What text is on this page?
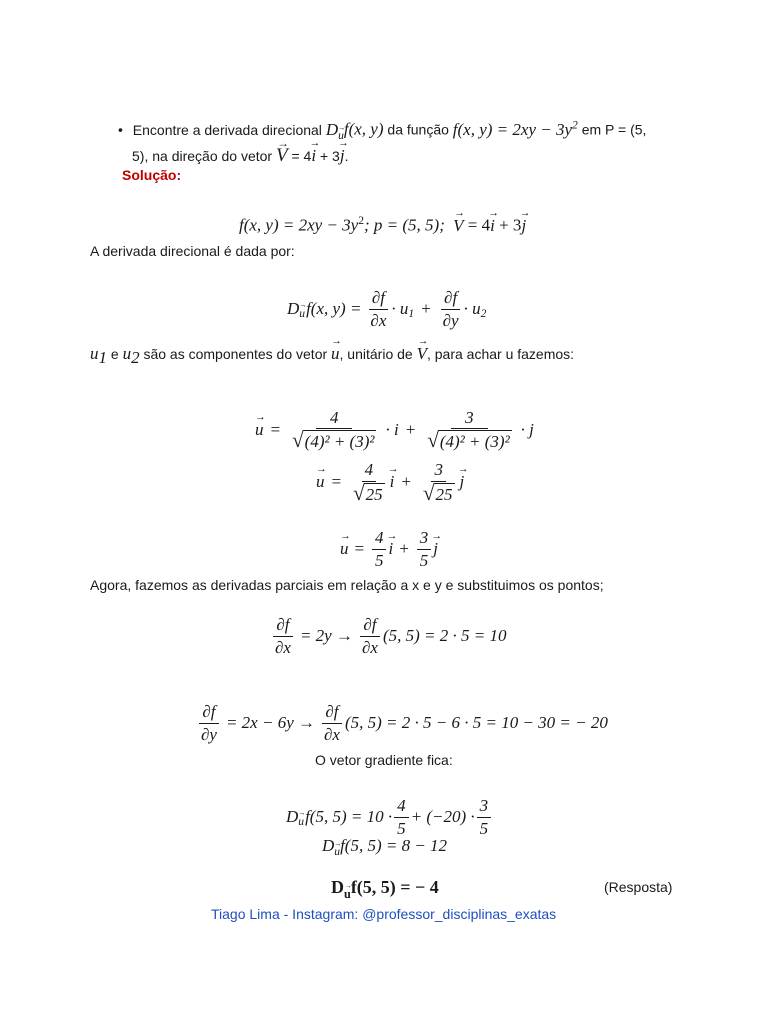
• Encontre a derivada direcional D→ $_u$f(x, y) da função f(x, $y) = 2xy - 3y^2$ em P = (5,
5), na direção do vetor → V = 4→ i + 3→ j.
Solução:
f(x, $y) = 2xy - 3y^2$; p = (5, 5); → V = 4→ i + 3→ j
A derivada direcional é dada por:
D
$\to_u$ f(x, $y) = \frac{\partial f}{\partial x} \cdot u_1 + \frac{\partial f}{\partial y} \cdot u_2$
$u_1$ e $u_2$ são as componentes do vetor → u, unitário de → V, para achar u fazemos:
→ $u = \frac{4}{\text{√ (4)² + (3)²}} \cdot i + \frac{3}{\text{√ (4)² + (3)²}} \cdot j$
→ $u = \frac{4}{√ 25}$
→ $i + \frac{3}{√ 25}$
→ j
→ $u = \frac{4}{5}$
→ $i + \frac{3}{5}$
→ j
Agora, fazemos as derivadas parciais em relação a x e y e substituimos os pontos;
$\frac{\partial f}{\partial x} = 2y \to \frac{\partial f}{\partial x} (5$, 5) = 2 · 5 = 10
$\frac{\partial f}{\partial y} = 2x - 6y \to \frac{\partial f}{\partial x} (5$, 5) = 2 · 5 − 6 · 5 = 10 − 30 = − 20
O vetor gradiente fica:
D
$\to_u$ f(5, $5) = 10 \cdot \frac{4}{5} + (-20) \cdot \frac{3}{5}$
D→ $_u$f(5, 5) = 8 − 12
D→ $_u$f(5, 5) = − 4	(Resposta)
Tiago Lima - Instagram: @professor_disciplinas_exatas
